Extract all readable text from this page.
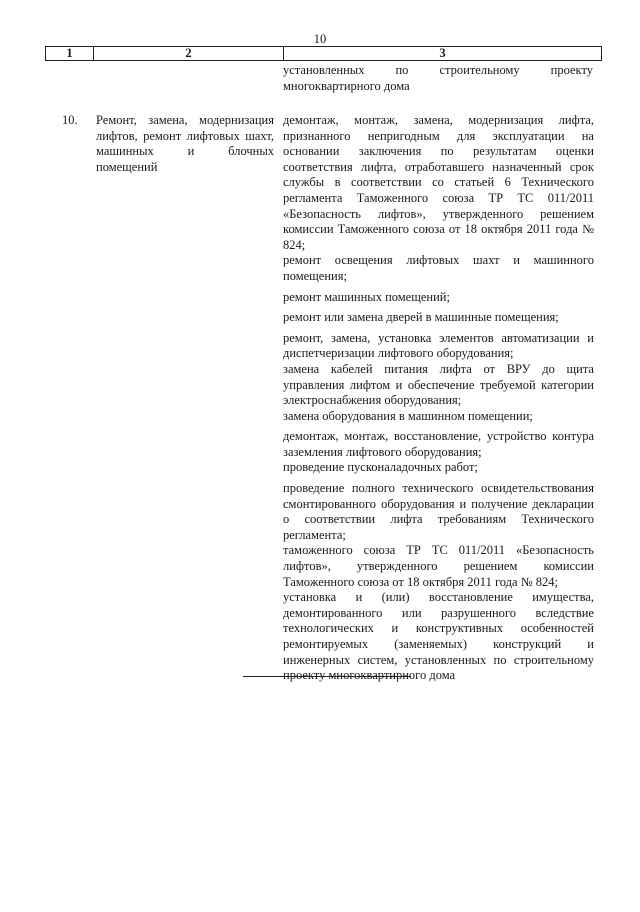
10
1	2	3
установленных по строительному проекту
многоквартирного дома
10. Ремонт, замена, модернизация лифтов, ремонт лифтовых шахт, машинных и блочных помещений

демонтаж, монтаж, замена, модернизация лифта, признанного непригодным для эксплуатации на основании заключения по результатам оценки соответствия лифта, отработавшего назначенный срок службы в соответствии со статьей 6 Технического регламента Таможенного союза ТР ТС 011/2011 «Безопасность лифтов», утвержденного решением комиссии Таможенного союза от 18 октября 2011 года № 824;

ремонт освещения лифтовых шахт и машинного помещения;

ремонт машинных помещений;

ремонт или замена дверей в машинные помещения;

ремонт, замена, установка элементов автоматизации и диспетчеризации лифтового оборудования;

замена кабелей питания лифта от ВРУ до щита управления лифтом и обеспечение требуемой категории электроснабжения оборудования;

замена оборудования в машинном помещении;

демонтаж, монтаж, восстановление, устройство контура заземления лифтового оборудования;

проведение пусконаладочных работ;

проведение полного технического освидетельствования смонтированного оборудования и получение декларации о соответствии лифта требованиям Технического регламента;

таможенного союза ТР ТС 011/2011 «Безопасность лифтов», утвержденного решением комиссии Таможенного союза от 18 октября 2011 года № 824;

установка и (или) восстановление имущества, демонтированного или разрушенного вследствие технологических и конструктивных особенностей ремонтируемых (заменяемых) конструкций и инженерных систем, установленных по строительному проекту многоквартирного дома
